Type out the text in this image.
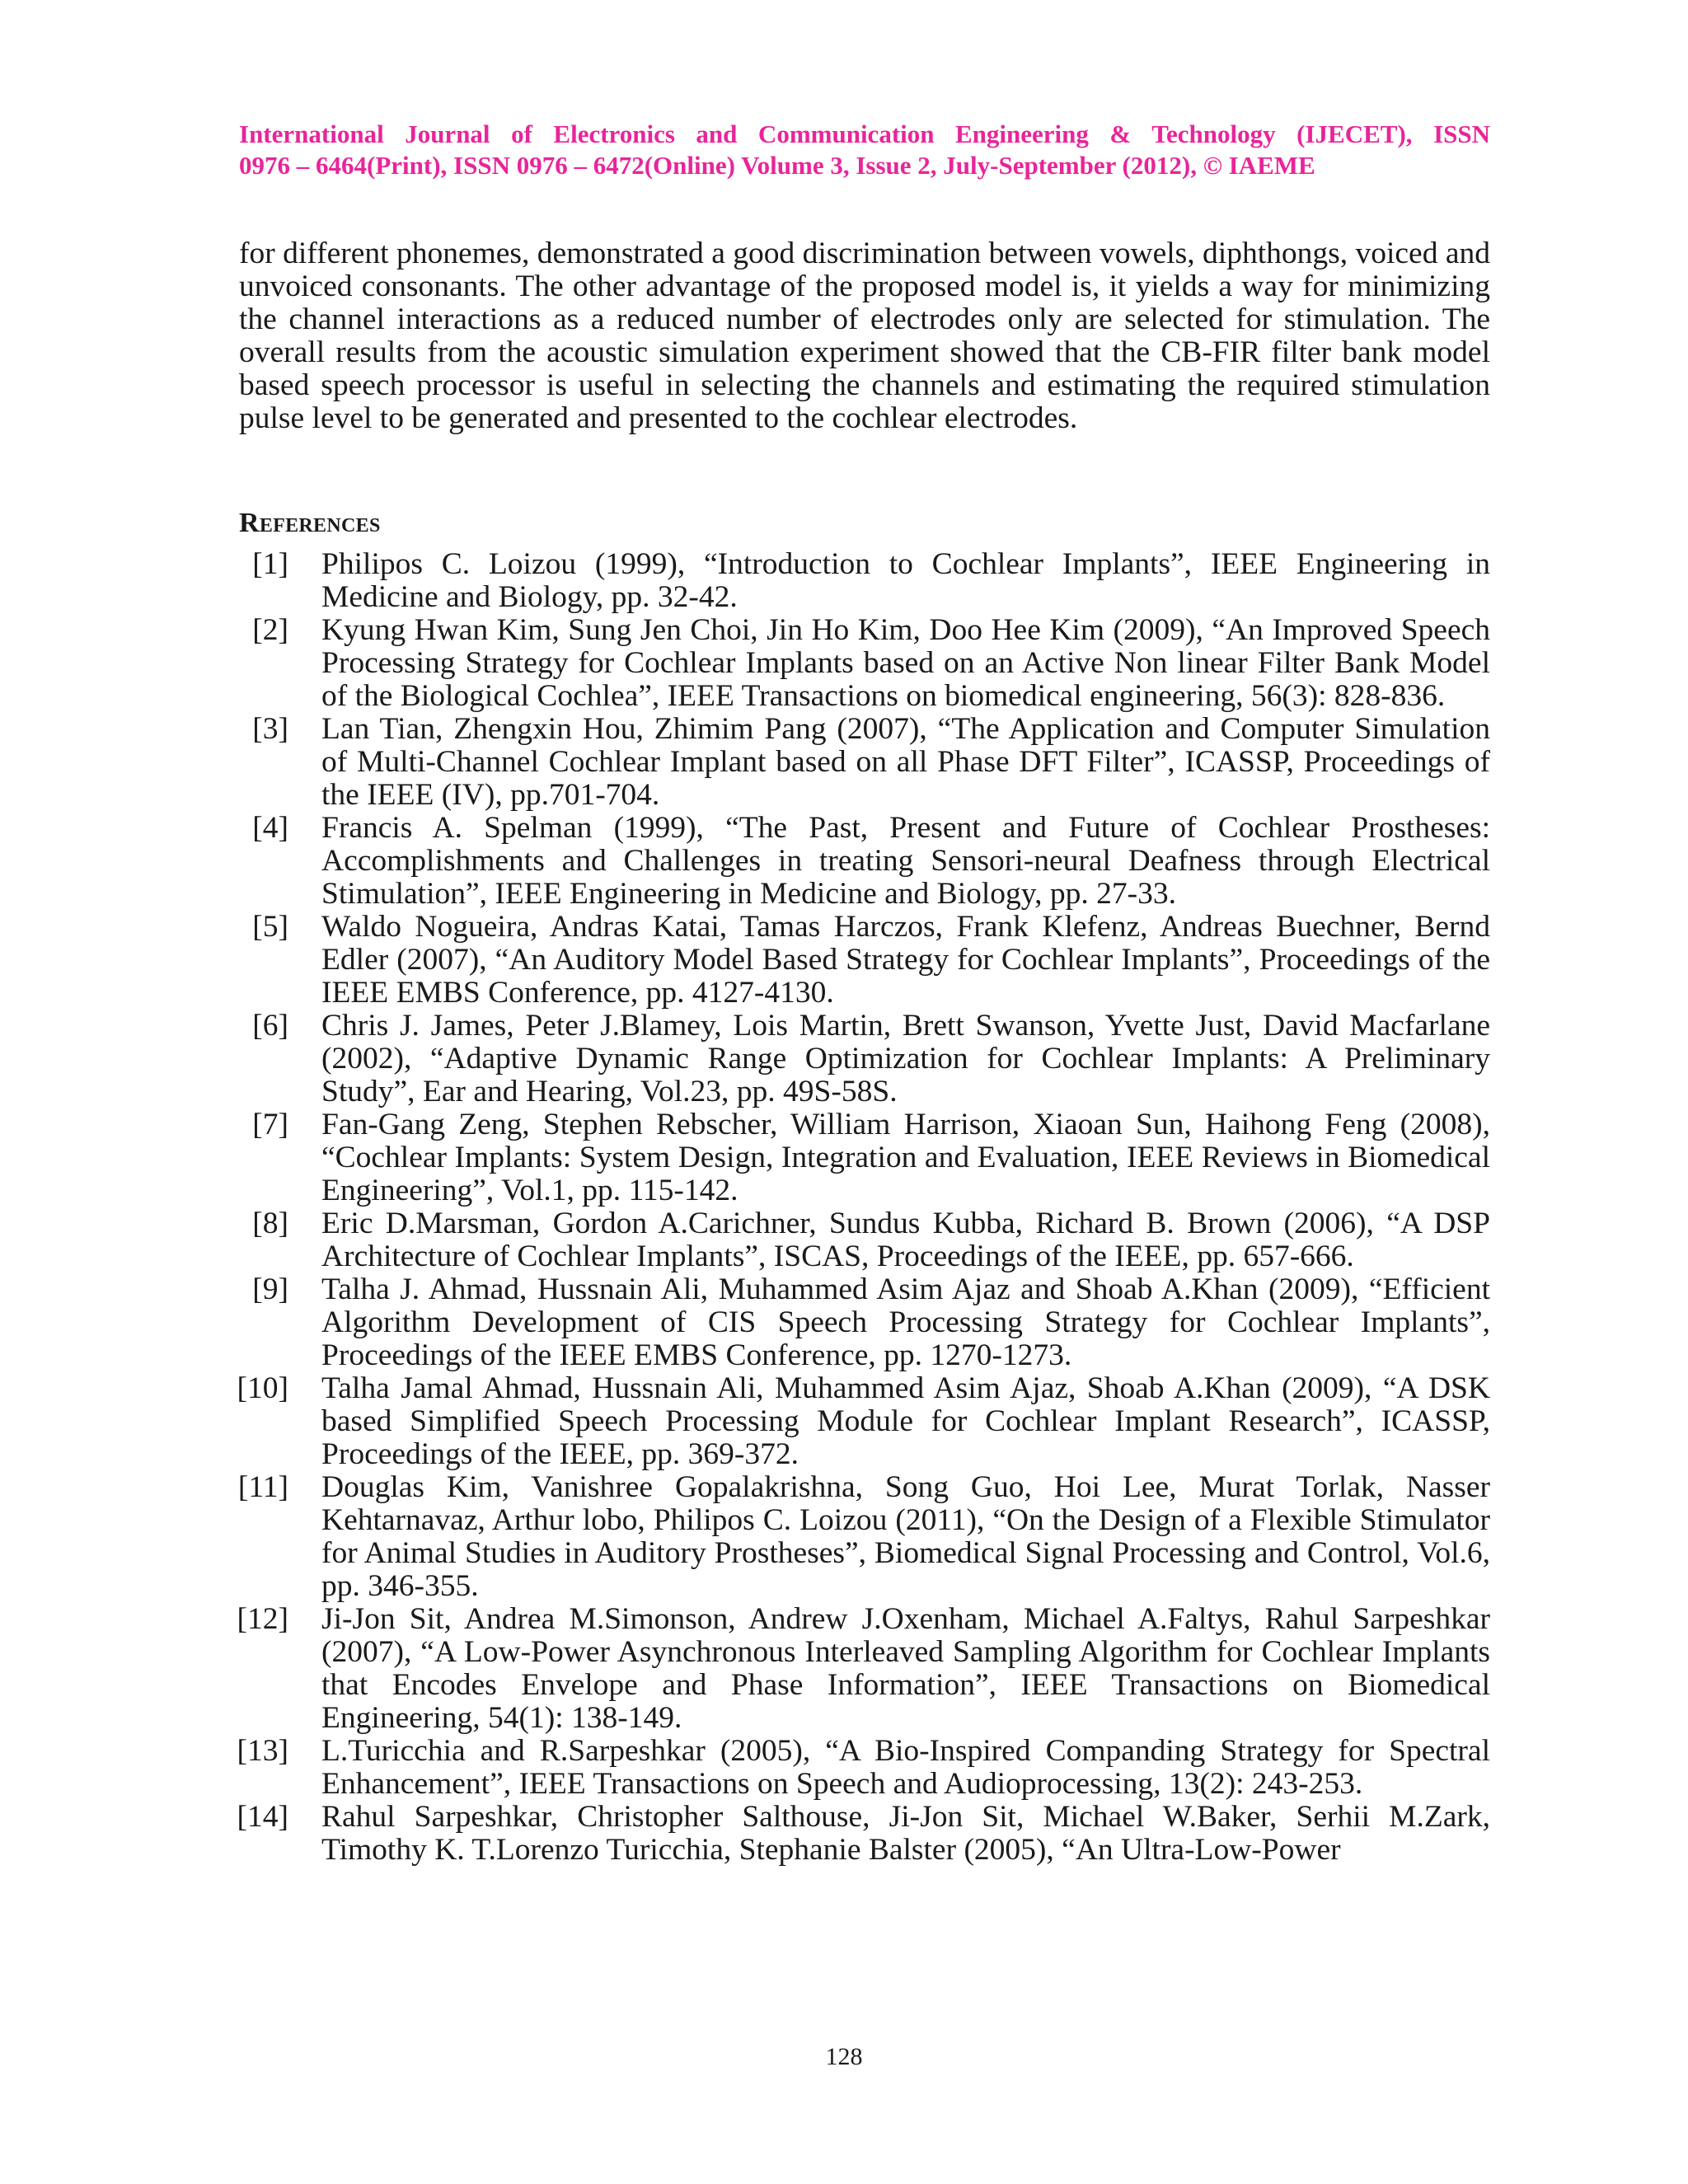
International Journal of Electronics and Communication Engineering & Technology (IJECET), ISSN
0976 – 6464(Print), ISSN 0976 – 6472(Online) Volume 3, Issue 2, July-September (2012), © IAEME

for different phonemes, demonstrated a good discrimination between vowels, diphthongs, voiced and unvoiced consonants. The other advantage of the proposed model is, it yields a way for minimizing the channel interactions as a reduced number of electrodes only are selected for stimulation. The overall results from the acoustic simulation experiment showed that the CB-FIR filter bank model based speech processor is useful in selecting the channels and estimating the required stimulation pulse level to be generated and presented to the cochlear electrodes.

References
[1]	Philipos C. Loizou (1999), “Introduction to Cochlear Implants”, IEEE Engineering in Medicine and Biology, pp. 32-42.
[2]	Kyung Hwan Kim, Sung Jen Choi, Jin Ho Kim, Doo Hee Kim (2009), “An Improved Speech Processing Strategy for Cochlear Implants based on an Active Non linear Filter Bank Model of the Biological Cochlea”, IEEE Transactions on biomedical engineering, 56(3): 828-836.
[3]	Lan Tian, Zhengxin Hou, Zhimim Pang (2007), “The Application and Computer Simulation of Multi-Channel Cochlear Implant based on all Phase DFT Filter”, ICASSP, Proceedings of the IEEE (IV), pp.701-704.
[4]	Francis A. Spelman (1999), “The Past, Present and Future of Cochlear Prostheses: Accomplishments and Challenges in treating Sensori-neural Deafness through Electrical Stimulation”, IEEE Engineering in Medicine and Biology, pp. 27-33.
[5]	Waldo Nogueira, Andras Katai, Tamas Harczos, Frank Klefenz, Andreas Buechner, Bernd Edler (2007), “An Auditory Model Based Strategy for Cochlear Implants”, Proceedings of the IEEE EMBS Conference, pp. 4127-4130.
[6]	Chris J. James, Peter J.Blamey, Lois Martin, Brett Swanson, Yvette Just, David Macfarlane (2002), “Adaptive Dynamic Range Optimization for Cochlear Implants: A Preliminary Study”, Ear and Hearing, Vol.23, pp. 49S-58S.
[7]	Fan-Gang Zeng, Stephen Rebscher, William Harrison, Xiaoan Sun, Haihong Feng (2008), “Cochlear Implants: System Design, Integration and Evaluation, IEEE Reviews in Biomedical Engineering”, Vol.1, pp. 115-142.
[8]	Eric D.Marsman, Gordon A.Carichner, Sundus Kubba, Richard B. Brown (2006), “A DSP Architecture of Cochlear Implants”, ISCAS, Proceedings of the IEEE, pp. 657-666.
[9]	Talha J. Ahmad, Hussnain Ali, Muhammed Asim Ajaz and Shoab A.Khan (2009), “Efficient Algorithm Development of CIS Speech Processing Strategy for Cochlear Implants”, Proceedings of the IEEE EMBS Conference, pp. 1270-1273.
[10]	Talha Jamal Ahmad, Hussnain Ali, Muhammed Asim Ajaz, Shoab A.Khan (2009), “A DSK based Simplified Speech Processing Module for Cochlear Implant Research”, ICASSP, Proceedings of the IEEE, pp. 369-372.
[11]	Douglas Kim, Vanishree Gopalakrishna, Song Guo, Hoi Lee, Murat Torlak, Nasser Kehtarnavaz, Arthur lobo, Philipos C. Loizou (2011), “On the Design of a Flexible Stimulator for Animal Studies in Auditory Prostheses”, Biomedical Signal Processing and Control, Vol.6, pp. 346-355.
[12]	Ji-Jon Sit, Andrea M.Simonson, Andrew J.Oxenham, Michael A.Faltys, Rahul Sarpeshkar (2007), “A Low-Power Asynchronous Interleaved Sampling Algorithm for Cochlear Implants that Encodes Envelope and Phase Information”, IEEE Transactions on Biomedical Engineering, 54(1): 138-149.
[13]	L.Turicchia and R.Sarpeshkar (2005), “A Bio-Inspired Companding Strategy for Spectral Enhancement”, IEEE Transactions on Speech and Audioprocessing, 13(2): 243-253.
[14]	Rahul Sarpeshkar, Christopher Salthouse, Ji-Jon Sit, Michael W.Baker, Serhii M.Zark, Timothy K. T.Lorenzo Turicchia, Stephanie Balster (2005), “An Ultra-Low-Power
128
